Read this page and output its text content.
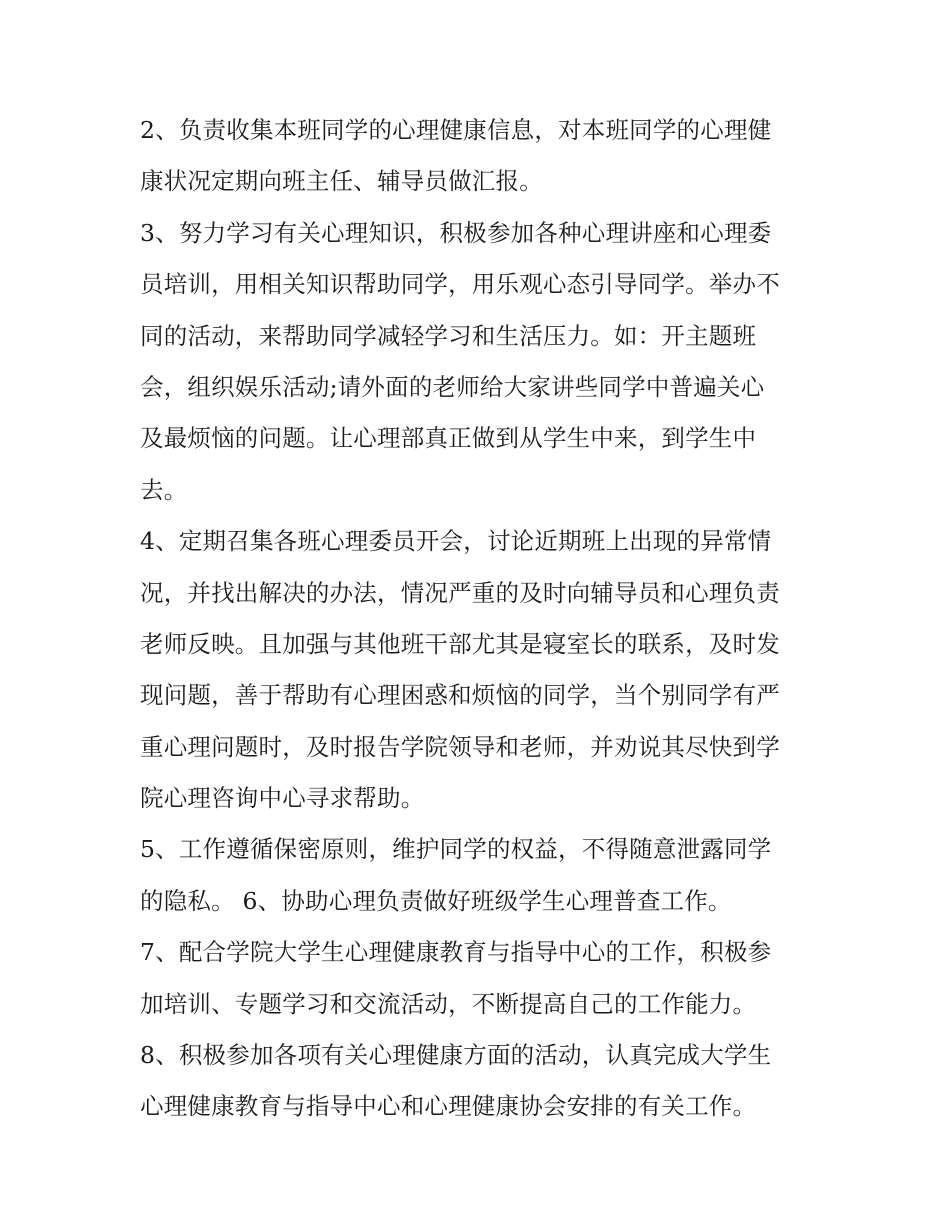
2、负责收集本班同学的心理健康信息，对本班同学的心理健
康状况定期向班主任、辅导员做汇报。
3、努力学习有关心理知识，积极参加各种心理讲座和心理委
员培训，用相关知识帮助同学，用乐观心态引导同学。举办不
同的活动，来帮助同学减轻学习和生活压力。如：开主题班
会，组织娱乐活动;请外面的老师给大家讲些同学中普遍关心
及最烦恼的问题。让心理部真正做到从学生中来，到学生中
去。
4、定期召集各班心理委员开会，讨论近期班上出现的异常情
况，并找出解决的办法，情况严重的及时向辅导员和心理负责
老师反映。且加强与其他班干部尤其是寝室长的联系，及时发
现问题，善于帮助有心理困惑和烦恼的同学，当个别同学有严
重心理问题时，及时报告学院领导和老师，并劝说其尽快到学
院心理咨询中心寻求帮助。
5、工作遵循保密原则，维护同学的权益，不得随意泄露同学
的隐私。 6、协助心理负责做好班级学生心理普查工作。
7、配合学院大学生心理健康教育与指导中心的工作，积极参
加培训、专题学习和交流活动，不断提高自己的工作能力。
8、积极参加各项有关心理健康方面的活动，认真完成大学生
心理健康教育与指导中心和心理健康协会安排的有关工作。
